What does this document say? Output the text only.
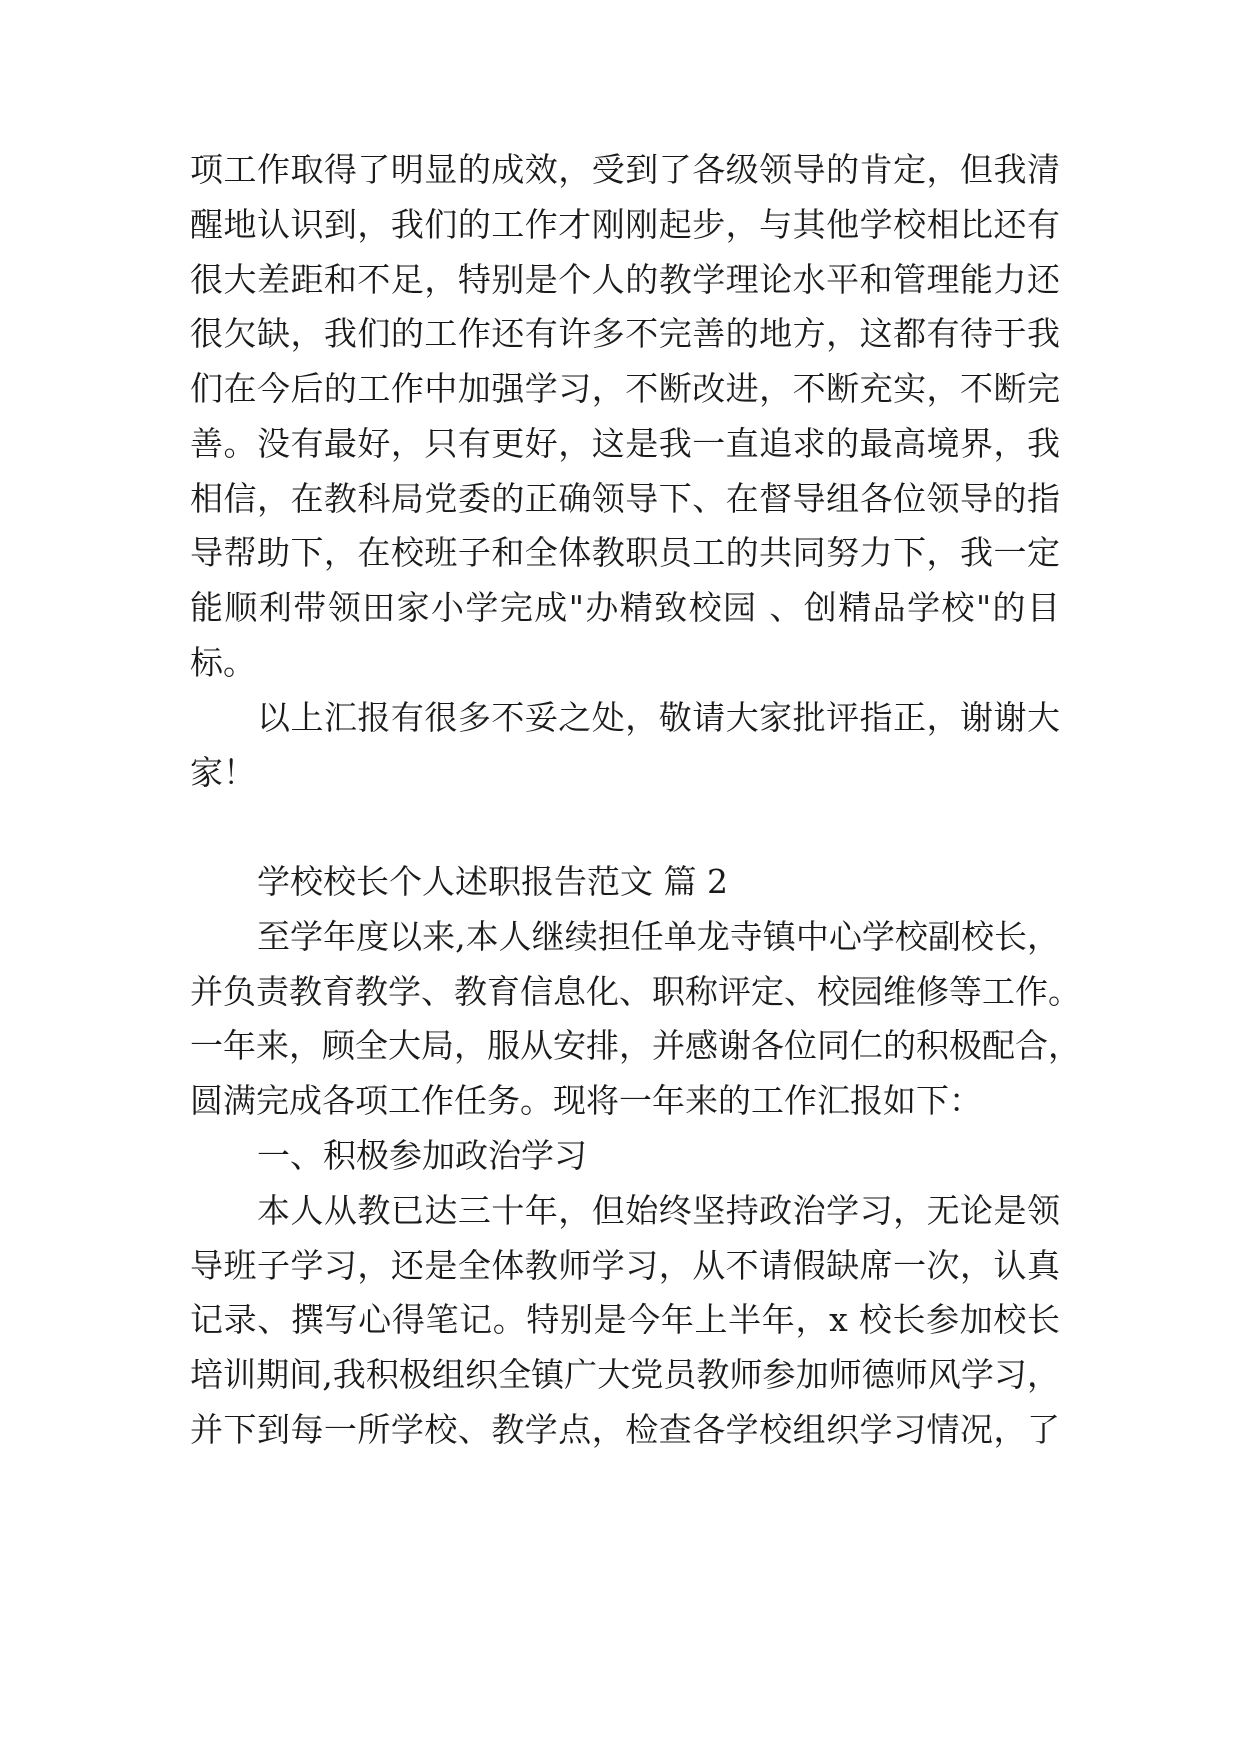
项工作取得了明显的成效，受到了各级领导的肯定，但我清
醒地认识到，我们的工作才刚刚起步，与其他学校相比还有
很大差距和不足，特别是个人的教学理论水平和管理能力还
很欠缺，我们的工作还有许多不完善的地方，这都有待于我
们在今后的工作中加强学习，不断改进，不断充实，不断完
善。没有最好，只有更好，这是我一直追求的最高境界，我
相信，在教科局党委的正确领导下、在督导组各位领导的指
导帮助下，在校班子和全体教职员工的共同努力下，我一定
能顺利带领田家小学完成"办精致校园 、创精品学校"的目
标。
以上汇报有很多不妥之处，敬请大家批评指正，谢谢大
家！
学校校长个人述职报告范文 篇 2
至学年度以来,本人继续担任单龙寺镇中心学校副校长，
并负责教育教学、教育信息化、职称评定、校园维修等工作。
一年来，顾全大局，服从安排，并感谢各位同仁的积极配合，
圆满完成各项工作任务。现将一年来的工作汇报如下：
一、积极参加政治学习
本人从教已达三十年，但始终坚持政治学习，无论是领
导班子学习，还是全体教师学习，从不请假缺席一次，认真
记录、撰写心得笔记。特别是今年上半年，x 校长参加校长
培训期间,我积极组织全镇广大党员教师参加师德师风学习，
并下到每一所学校、教学点，检查各学校组织学习情况，了
